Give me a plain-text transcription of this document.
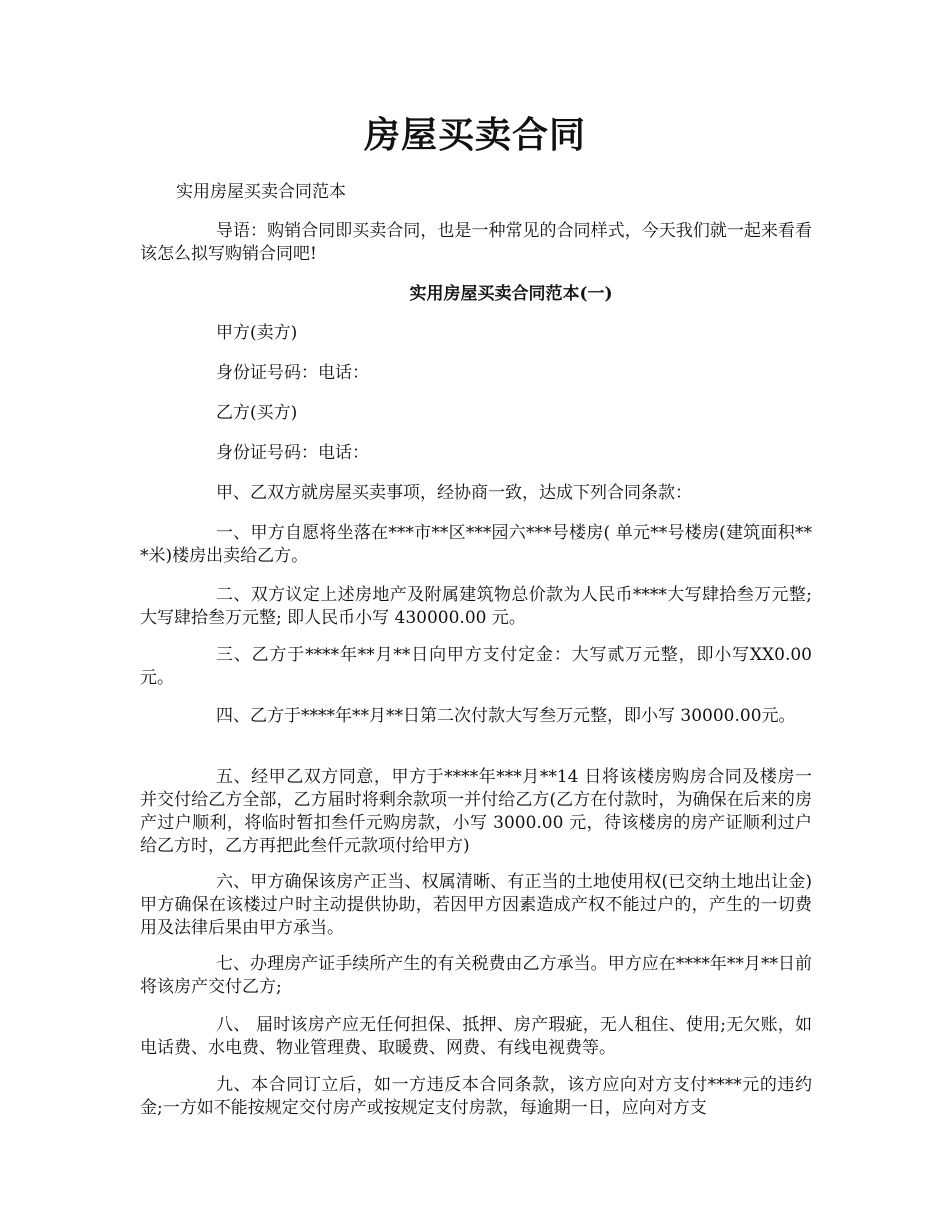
房屋买卖合同

实用房屋买卖合同范本

导语：购销合同即买卖合同，也是一种常见的合同样式，今天我们就一起来看看该怎么拟写购销合同吧!

实用房屋买卖合同范本(一)

甲方(卖方)

身份证号码：电话：

乙方(买方)

身份证号码：电话：

甲、乙双方就房屋买卖事项，经协商一致，达成下列合同条款：

一、甲方自愿将坐落在***市**区***园六***号楼房( 单元**号楼房(建筑面积***米)楼房出卖给乙方。

二、双方议定上述房地产及附属建筑物总价款为人民币****大写肆拾叁万元整; 大写肆拾叁万元整; 即人民币小写 430000.00 元。

三、乙方于****年**月**日向甲方支付定金：大写贰万元整，即小写XX0.00 元。

四、乙方于****年**月**日第二次付款大写叁万元整，即小写 30000.00元。

五、经甲乙双方同意，甲方于****年***月**14 日将该楼房购房合同及楼房一并交付给乙方全部，乙方届时将剩余款项一并付给乙方(乙方在付款时，为确保在后来的房产过户顺利，将临时暂扣叁仟元购房款，小写 3000.00 元，待该楼房的房产证顺利过户给乙方时，乙方再把此叁仟元款项付给甲方)

六、甲方确保该房产正当、权属清晰、有正当的土地使用权(已交纳土地出让金)甲方确保在该楼过户时主动提供协助，若因甲方因素造成产权不能过户的，产生的一切费用及法律后果由甲方承当。

七、办理房产证手续所产生的有关税费由乙方承当。甲方应在****年**月**日前将该房产交付乙方;

八、 届时该房产应无任何担保、抵押、房产瑕疵，无人租住、使用;无欠账，如电话费、水电费、物业管理费、取暖费、网费、有线电视费等。

九、本合同订立后，如一方违反本合同条款，该方应向对方支付****元的违约金;一方如不能按规定交付房产或按规定支付房款，每逾期一日，应向对方支
